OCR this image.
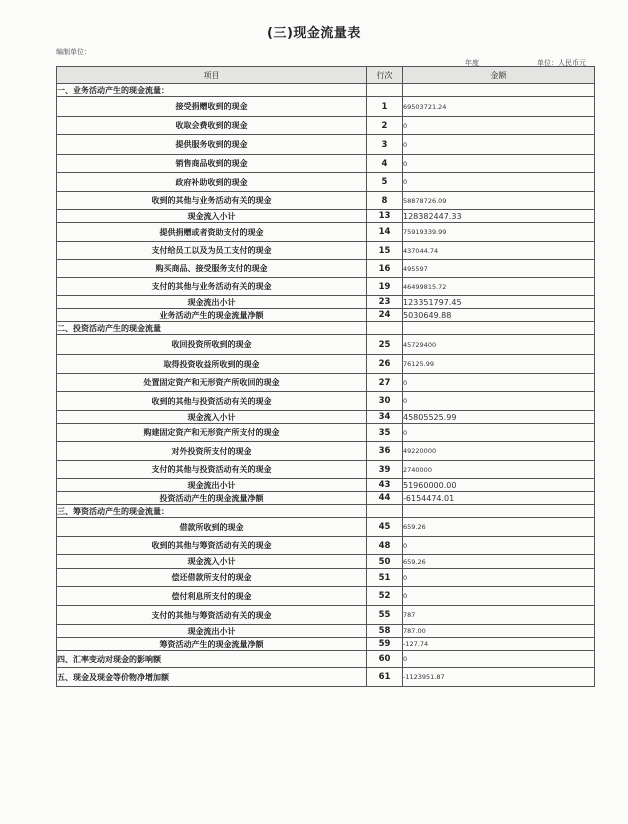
(三)现金流量表
编制单位：
年度	单位：人民币元
项目	行次	金额
一、业务活动产生的现金流量：		
接受捐赠收到的现金	1	69503721.24
收取会费收到的现金	2	0
提供服务收到的现金	3	0
销售商品收到的现金	4	0
政府补助收到的现金	5	0
收到的其他与业务活动有关的现金	8	58878726.09
现金流入小计	13	128382447.33
提供捐赠或者资助支付的现金	14	75919339.99
支付给员工以及为员工支付的现金	15	437044.74
购买商品、接受服务支付的现金	16	495597
支付的其他与业务活动有关的现金	19	46499815.72
现金流出小计	23	123351797.45
业务活动产生的现金流量净额	24	5030649.88
二、投资活动产生的现金流量		
收回投资所收到的现金	25	45729400
取得投资收益所收到的现金	26	76125.99
处置固定资产和无形资产所收回的现金	27	0
收到的其他与投资活动有关的现金	30	0
现金流入小计	34	45805525.99
购建固定资产和无形资产所支付的现金	35	0
对外投资所支付的现金	36	49220000
支付的其他与投资活动有关的现金	39	2740000
现金流出小计	43	51960000.00
投资活动产生的现金流量净额	44	-6154474.01
三、筹资活动产生的现金流量：		
借款所收到的现金	45	659.26
收到的其他与筹资活动有关的现金	48	0
现金流入小计	50	659.26
偿还借款所支付的现金	51	0
偿付利息所支付的现金	52	0
支付的其他与筹资活动有关的现金	55	787
现金流出小计	58	787.00
筹资活动产生的现金流量净额	59	-127.74
四、汇率变动对现金的影响额	60	0
五、现金及现金等价物净增加额	61	-1123951.87
